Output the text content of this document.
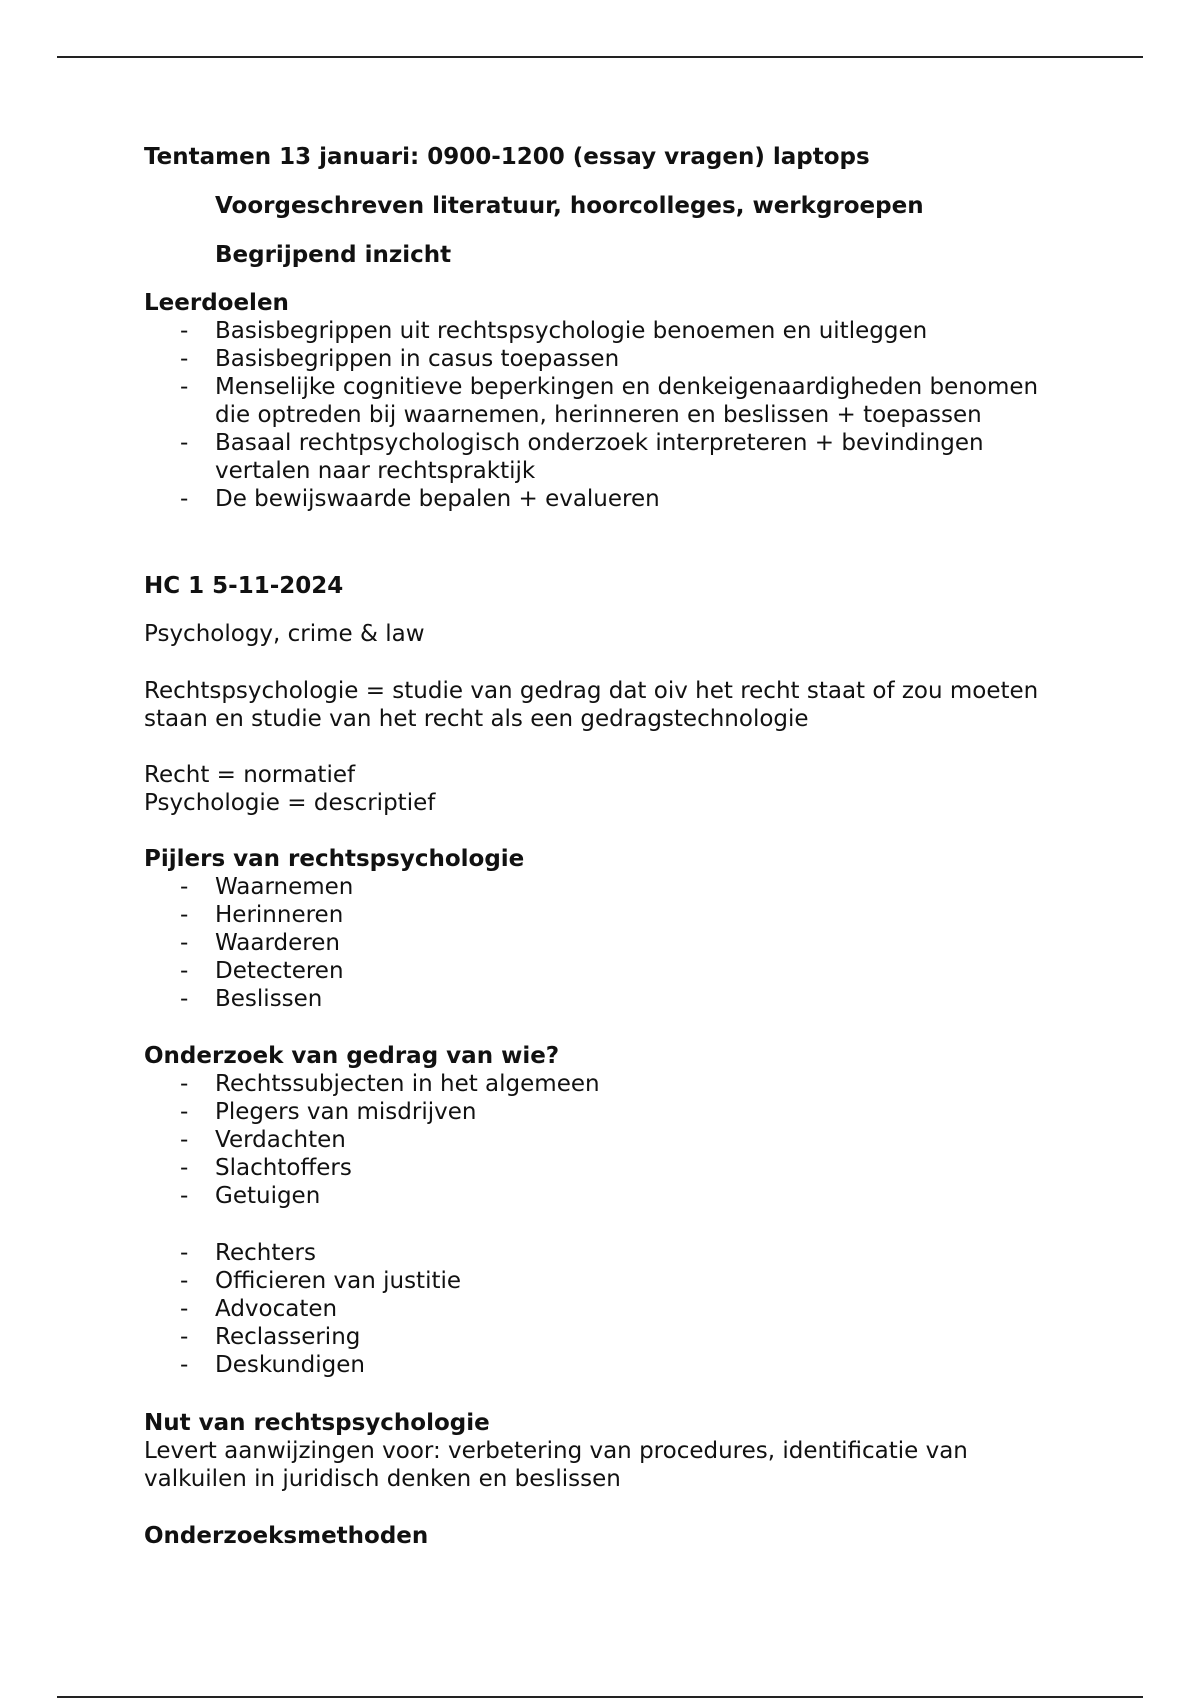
Tentamen 13 januari: 0900-1200 (essay vragen) laptops
Voorgeschreven literatuur, hoorcolleges, werkgroepen
Begrijpend inzicht
Leerdoelen
- Basisbegrippen uit rechtspsychologie benoemen en uitleggen
- Basisbegrippen in casus toepassen
- Menselijke cognitieve beperkingen en denkeigenaardigheden benomen die optreden bij waarnemen, herinneren en beslissen + toepassen
- Basaal rechtpsychologisch onderzoek interpreteren + bevindingen vertalen naar rechtspraktijk
- De bewijswaarde bepalen + evalueren
HC 1 5-11-2024
Psychology, crime & law
Rechtspsychologie = studie van gedrag dat oiv het recht staat of zou moeten staan en studie van het recht als een gedragstechnologie
Recht = normatief
Psychologie = descriptief
Pijlers van rechtspsychologie
- Waarnemen
- Herinneren
- Waarderen
- Detecteren
- Beslissen
Onderzoek van gedrag van wie?
- Rechtssubjecten in het algemeen
- Plegers van misdrijven
- Verdachten
- Slachtoffers
- Getuigen
- Rechters
- Officieren van justitie
- Advocaten
- Reclassering
- Deskundigen
Nut van rechtspsychologie
Levert aanwijzingen voor: verbetering van procedures, identificatie van valkuilen in juridisch denken en beslissen
Onderzoeksmethoden
